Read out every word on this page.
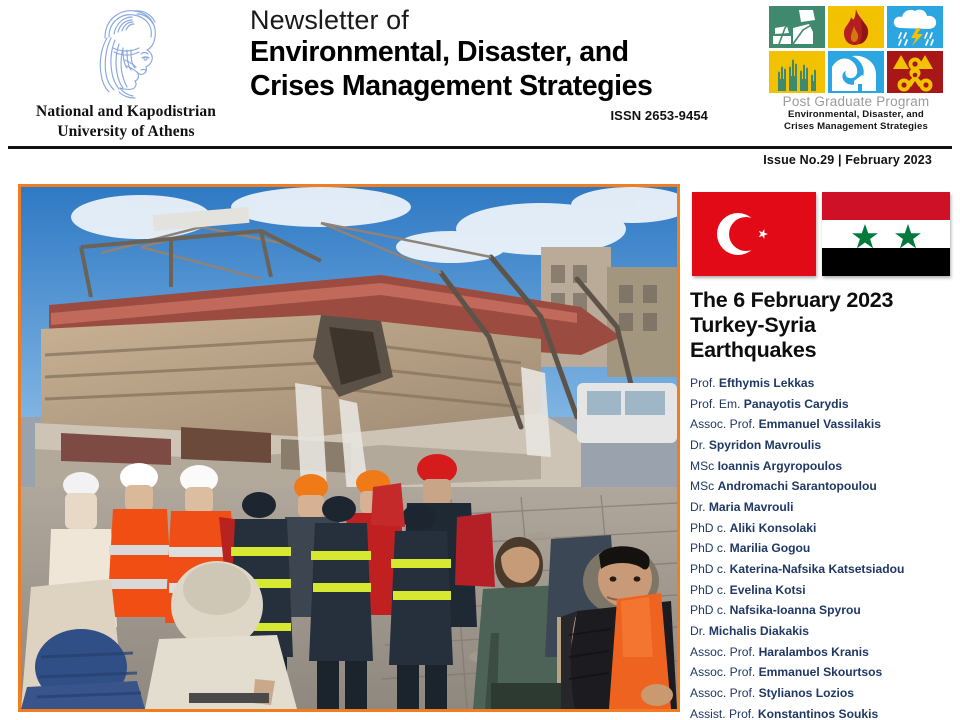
National and Kapodistrian
University of Athens
Newsletter of
Environmental, Disaster, and
Crises Management Strategies
ISSN 2653-9454
Post Graduate Program
Environmental, Disaster, and
Crises Management Strategies
Issue No.29 | February 2023
The 6 February 2023
Turkey-Syria
Earthquakes
Prof. Efthymis Lekkas
Prof. Em. Panayotis Carydis
Assoc. Prof. Emmanuel Vassilakis
Dr. Spyridon Mavroulis
MSc Ioannis Argyropoulos
MSc Andromachi Sarantopoulou
Dr. Maria Mavrouli
PhD c. Aliki Konsolaki
PhD c. Marilia Gogou
PhD c. Katerina-Nafsika Katsetsiadou
PhD c. Evelina Kotsi
PhD c. Nafsika-Ioanna Spyrou
Dr. Michalis Diakakis
Assoc. Prof. Haralambos Kranis
Assoc. Prof. Emmanuel Skourtsos
Assoc. Prof. Stylianos Lozios
Assist. Prof. Konstantinos Soukis
